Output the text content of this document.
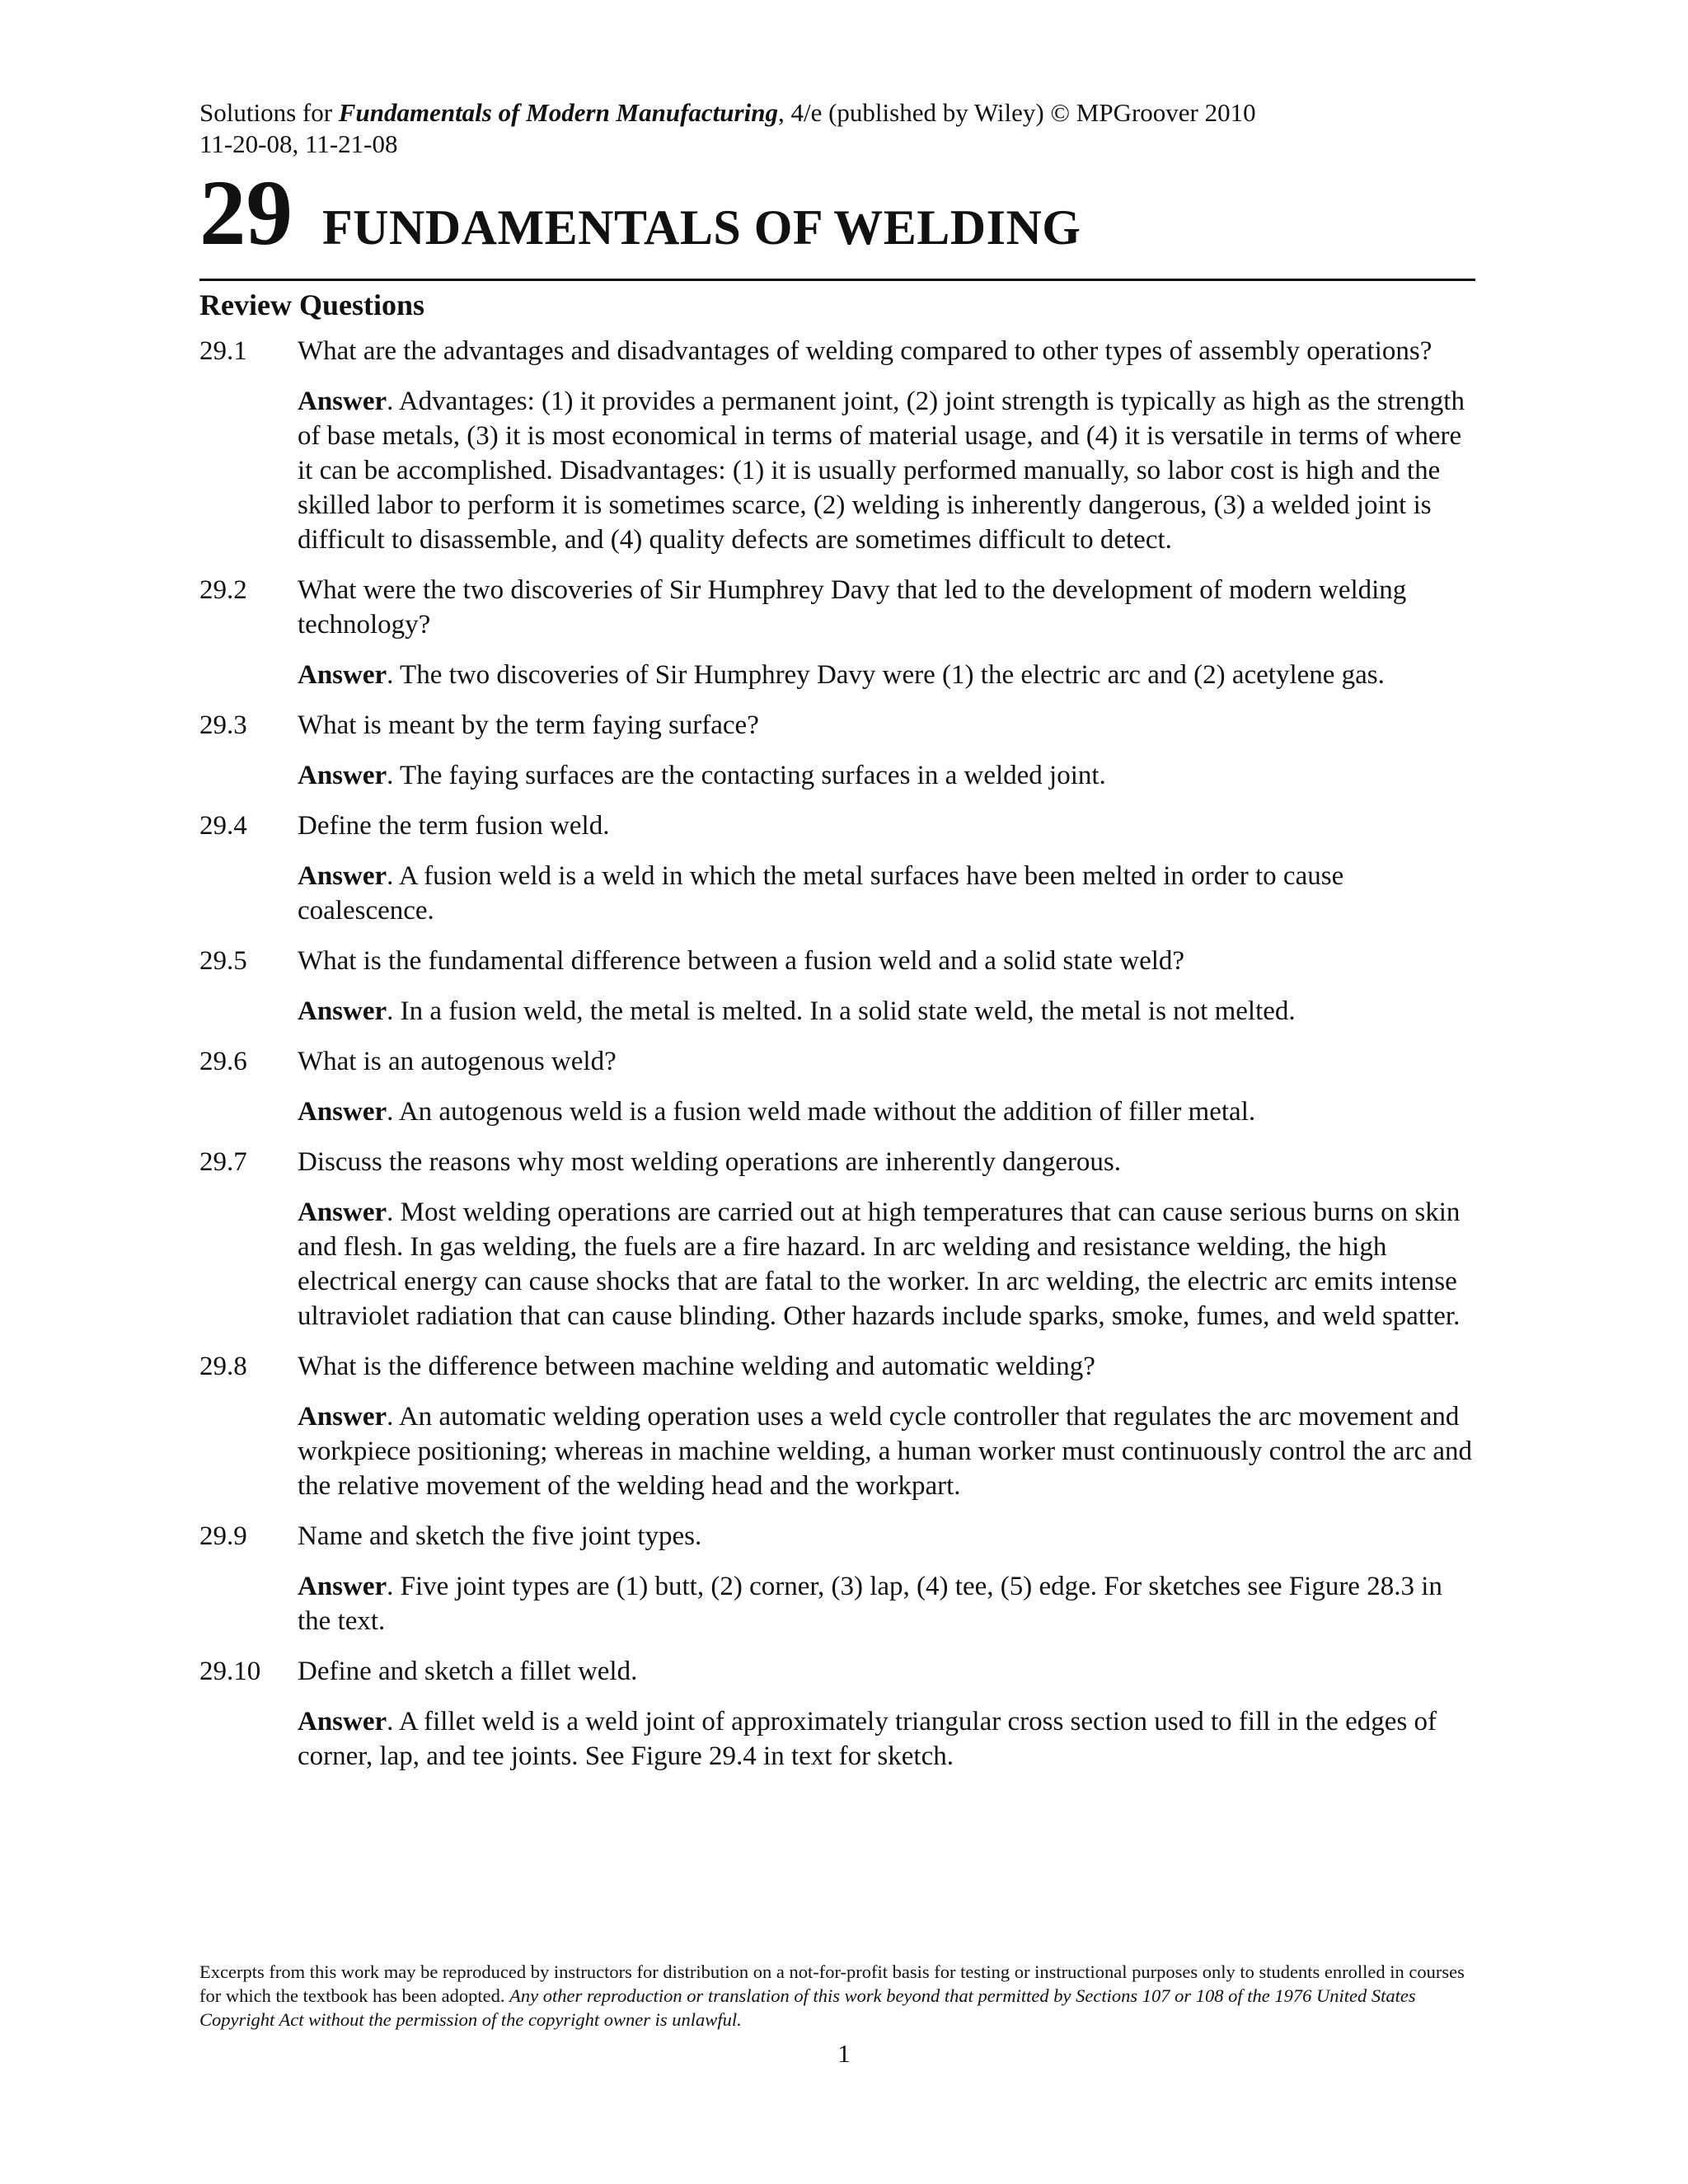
Solutions for Fundamentals of Modern Manufacturing, 4/e (published by Wiley) © MPGroover 2010
11-20-08, 11-21-08
29 FUNDAMENTALS OF WELDING
Review Questions
29.1 What are the advantages and disadvantages of welding compared to other types of assembly operations?
Answer. Advantages: (1) it provides a permanent joint, (2) joint strength is typically as high as the strength of base metals, (3) it is most economical in terms of material usage, and (4) it is versatile in terms of where it can be accomplished. Disadvantages: (1) it is usually performed manually, so labor cost is high and the skilled labor to perform it is sometimes scarce, (2) welding is inherently dangerous, (3) a welded joint is difficult to disassemble, and (4) quality defects are sometimes difficult to detect.
29.2 What were the two discoveries of Sir Humphrey Davy that led to the development of modern welding technology?
Answer. The two discoveries of Sir Humphrey Davy were (1) the electric arc and (2) acetylene gas.
29.3 What is meant by the term faying surface?
Answer. The faying surfaces are the contacting surfaces in a welded joint.
29.4 Define the term fusion weld.
Answer. A fusion weld is a weld in which the metal surfaces have been melted in order to cause coalescence.
29.5 What is the fundamental difference between a fusion weld and a solid state weld?
Answer. In a fusion weld, the metal is melted. In a solid state weld, the metal is not melted.
29.6 What is an autogenous weld?
Answer. An autogenous weld is a fusion weld made without the addition of filler metal.
29.7 Discuss the reasons why most welding operations are inherently dangerous.
Answer. Most welding operations are carried out at high temperatures that can cause serious burns on skin and flesh. In gas welding, the fuels are a fire hazard. In arc welding and resistance welding, the high electrical energy can cause shocks that are fatal to the worker. In arc welding, the electric arc emits intense ultraviolet radiation that can cause blinding. Other hazards include sparks, smoke, fumes, and weld spatter.
29.8 What is the difference between machine welding and automatic welding?
Answer. An automatic welding operation uses a weld cycle controller that regulates the arc movement and workpiece positioning; whereas in machine welding, a human worker must continuously control the arc and the relative movement of the welding head and the workpart.
29.9 Name and sketch the five joint types.
Answer. Five joint types are (1) butt, (2) corner, (3) lap, (4) tee, (5) edge. For sketches see Figure 28.3 in the text.
29.10 Define and sketch a fillet weld.
Answer. A fillet weld is a weld joint of approximately triangular cross section used to fill in the edges of corner, lap, and tee joints. See Figure 29.4 in text for sketch.
Excerpts from this work may be reproduced by instructors for distribution on a not-for-profit basis for testing or instructional purposes only to students enrolled in courses for which the textbook has been adopted. Any other reproduction or translation of this work beyond that permitted by Sections 107 or 108 of the 1976 United States Copyright Act without the permission of the copyright owner is unlawful.
1
